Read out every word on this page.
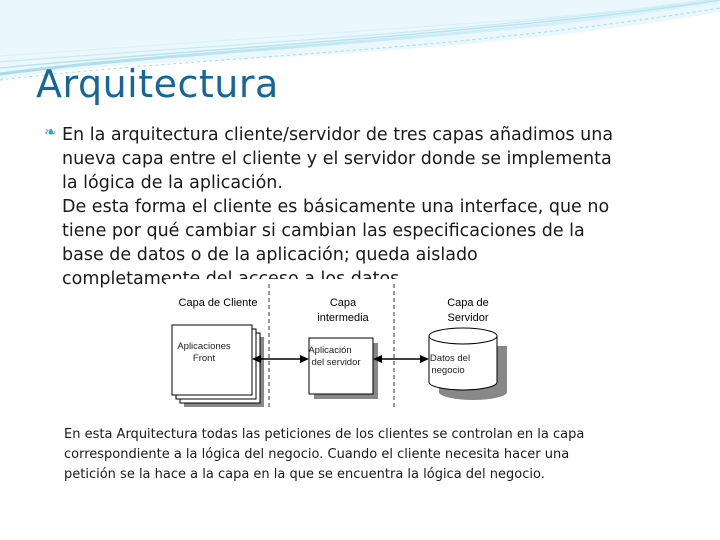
Arquitectura
❧ En la arquitectura cliente/servidor de tres capas añadimos una
nueva capa entre el cliente y el servidor donde se implementa
la lógica de la aplicación.
De esta forma el cliente es básicamente una interface, que no
tiene por qué cambiar si cambian las especificaciones de la
base de datos o de la aplicación; queda aislado
completamente del acceso a los datos.

Capa de Cliente	Capa
intermedia
Capa de
Servidor
Aplicaciones
Front
Aplicación
del servidor	Datos del
negocio

En esta Arquitectura todas las peticiones de los clientes se controlan en la capa
correspondiente a la lógica del negocio. Cuando el cliente necesita hacer una
petición se la hace a la capa en la que se encuentra la lógica del negocio.
